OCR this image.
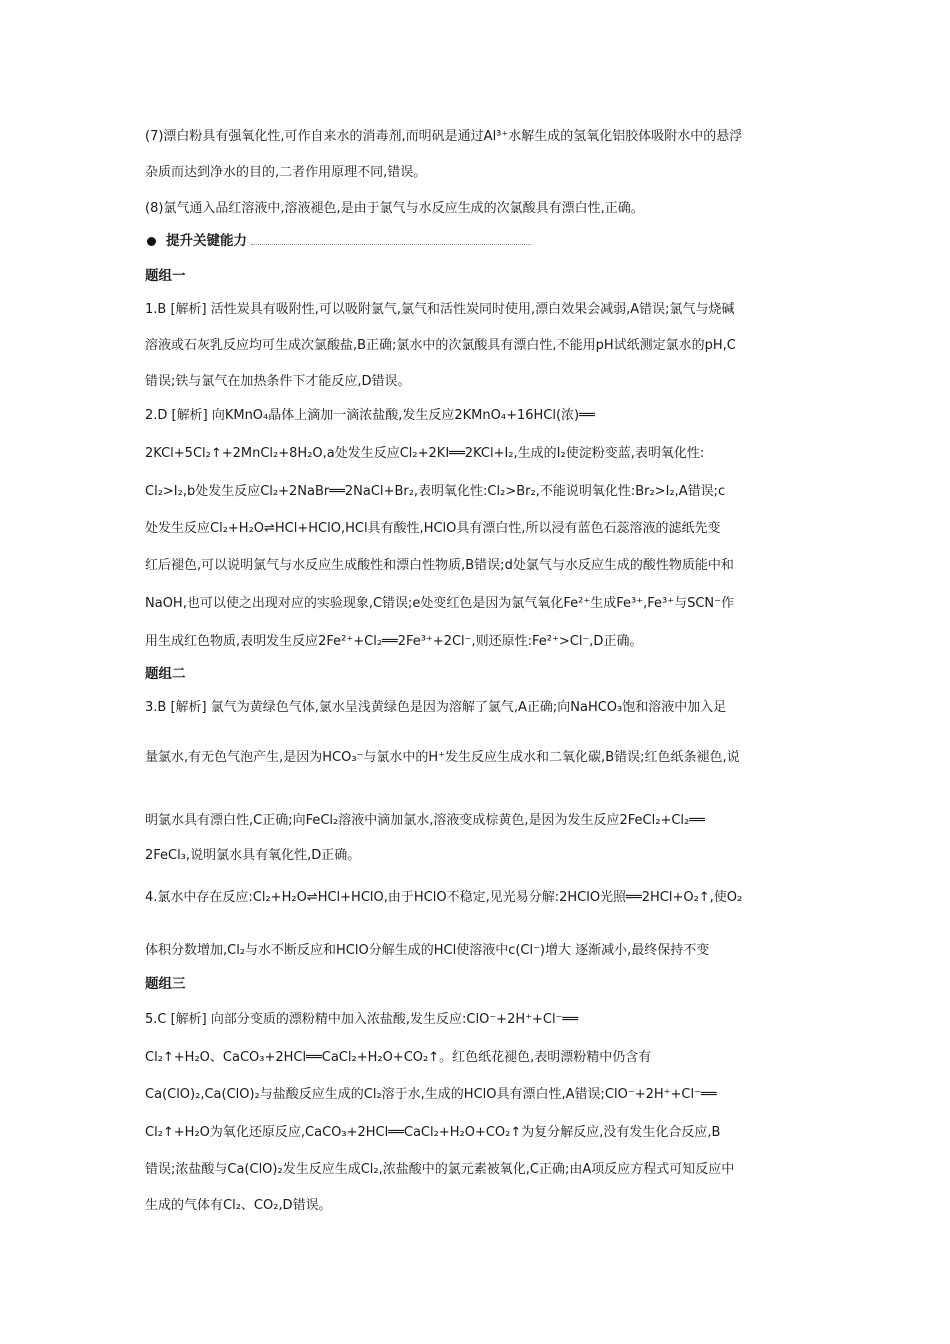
(7)漂白粉具有强氧化性,可作自来水的消毒剂,而明矾是通过Al³⁺水解生成的氢氧化铝胶体吸附水中的悬浮
杂质而达到净水的目的,二者作用原理不同,错误。
(8)氯气通入品红溶液中,溶液褪色,是由于氯气与水反应生成的次氯酸具有漂白性,正确。
提升关键能力
题组一
1.B [解析] 活性炭具有吸附性,可以吸附氯气,氯气和活性炭同时使用,漂白效果会减弱,A错误;氯气与烧碱
溶液或石灰乳反应均可生成次氯酸盐,B正确;氯水中的次氯酸具有漂白性,不能用pH试纸测定氯水的pH,C
错误;铁与氯气在加热条件下才能反应,D错误。
2.D [解析] 向KMnO₄晶体上滴加一滴浓盐酸,发生反应2KMnO₄+16HCl(浓)══
2KCl+5Cl₂↑+2MnCl₂+8H₂O,a处发生反应Cl₂+2KI══2KCl+I₂,生成的I₂使淀粉变蓝,表明氧化性:
Cl₂>I₂,b处发生反应Cl₂+2NaBr══2NaCl+Br₂,表明氧化性:Cl₂>Br₂,不能说明氧化性:Br₂>I₂,A错误;c
处发生反应Cl₂+H₂O⇌HCl+HClO,HCl具有酸性,HClO具有漂白性,所以浸有蓝色石蕊溶液的滤纸先变
红后褪色,可以说明氯气与水反应生成酸性和漂白性物质,B错误;d处氯气与水反应生成的酸性物质能中和
NaOH,也可以使之出现对应的实验现象,C错误;e处变红色是因为氯气氧化Fe²⁺生成Fe³⁺,Fe³⁺与SCN⁻作
用生成红色物质,表明发生反应2Fe²⁺+Cl₂══2Fe³⁺+2Cl⁻,则还原性:Fe²⁺>Cl⁻,D正确。
题组二
3.B [解析] 氯气为黄绿色气体,氯水呈浅黄绿色是因为溶解了氯气,A正确;向NaHCO₃饱和溶液中加入足
量氯水,有无色气泡产生,是因为HCO₃⁻与氯水中的H⁺发生反应生成水和二氧化碳,B错误;红色纸条褪色,说
明氯水具有漂白性,C正确;向FeCl₂溶液中滴加氯水,溶液变成棕黄色,是因为发生反应2FeCl₂+Cl₂══
2FeCl₃,说明氯水具有氧化性,D正确。
4.氯水中存在反应:Cl₂+H₂O⇌HCl+HClO,由于HClO不稳定,见光易分解:2HClO光照══2HCl+O₂↑,使O₂
体积分数增加,Cl₂与水不断反应和HClO分解生成的HCl使溶液中c(Cl⁻)增大 逐渐减小,最终保持不变
题组三
5.C [解析] 向部分变质的漂粉精中加入浓盐酸,发生反应:ClO⁻+2H⁺+Cl⁻══
Cl₂↑+H₂O、CaCO₃+2HCl══CaCl₂+H₂O+CO₂↑。红色纸花褪色,表明漂粉精中仍含有
Ca(ClO)₂,Ca(ClO)₂与盐酸反应生成的Cl₂溶于水,生成的HClO具有漂白性,A错误;ClO⁻+2H⁺+Cl⁻══
Cl₂↑+H₂O为氧化还原反应,CaCO₃+2HCl══CaCl₂+H₂O+CO₂↑为复分解反应,没有发生化合反应,B
错误;浓盐酸与Ca(ClO)₂发生反应生成Cl₂,浓盐酸中的氯元素被氧化,C正确;由A项反应方程式可知反应中
生成的气体有Cl₂、CO₂,D错误。
